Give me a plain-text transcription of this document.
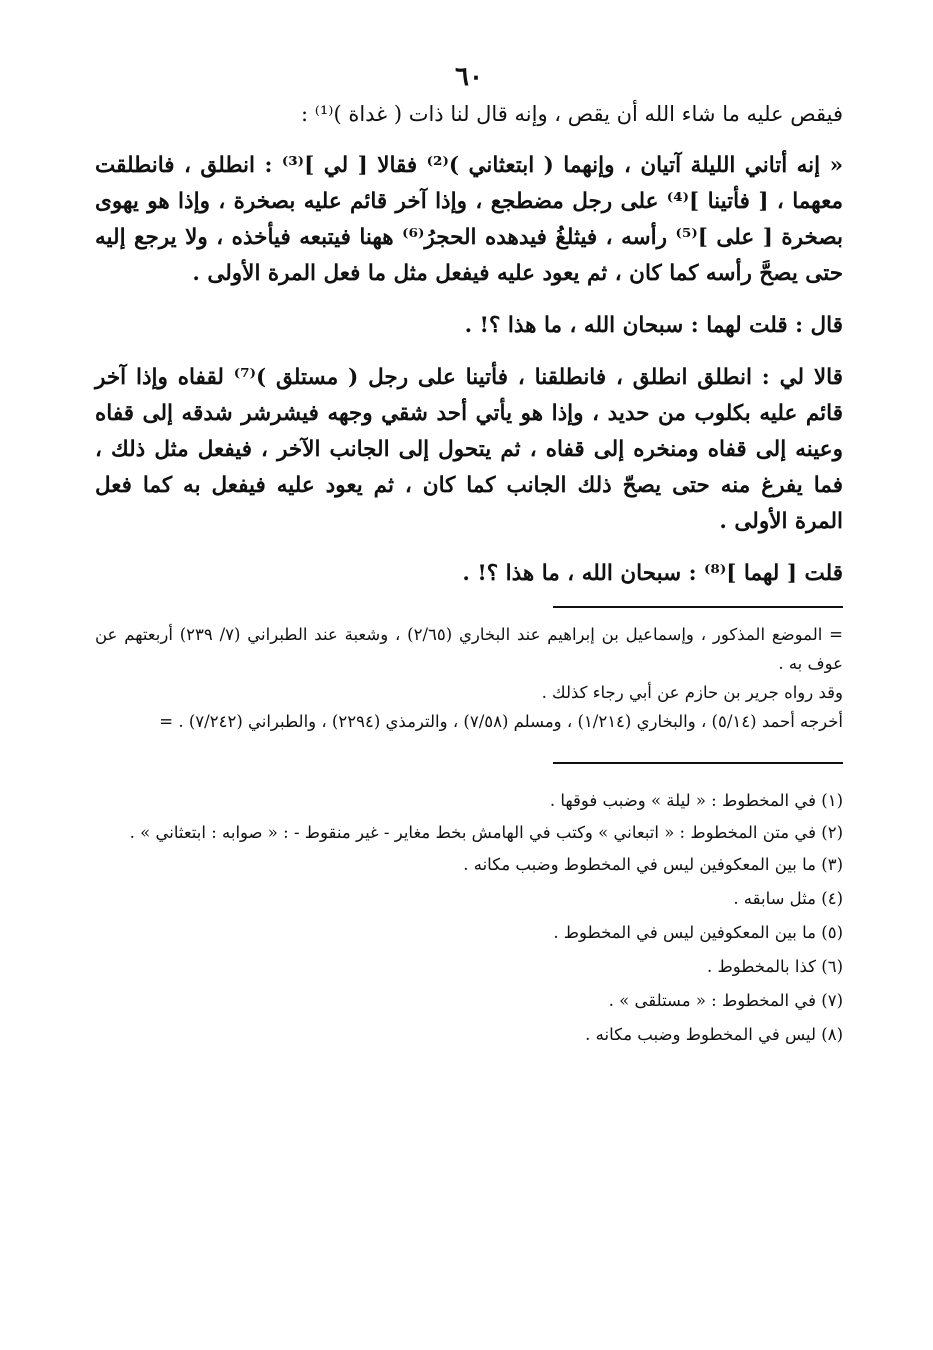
٦٠

فيقص عليه ما شاء الله أن يقص ، وإنه قال لنا ذات ( غداة )⁽¹⁾ :

« إنه أتاني الليلة آتيان ، وإنهما ( ابتعثاني )⁽²⁾ فقالا [ لي ]⁽³⁾ : انطلق ، فانطلقت معهما ، [ فأتينا ]⁽⁴⁾ على رجل مضطجع ، وإذا آخر قائم عليه بصخرة ، وإذا هو يهوى بصخرة [ على ]⁽⁵⁾ رأسه ، فيثلغُ فيدهده الحجرُ⁽⁶⁾ ههنا فيتبعه فيأخذه ، ولا يرجع إليه حتى يصحَّ رأسه كما كان ، ثم يعود عليه فيفعل مثل ما فعل المرة الأولى .

قال : قلت لهما : سبحان الله ، ما هذا ؟! .

قالا لي : انطلق انطلق ، فانطلقنا ، فأتينا على رجل ( مستلق )⁽⁷⁾ لقفاه وإذا آخر قائم عليه بكلوب من حديد ، وإذا هو يأتي أحد شقي وجهه فيشرشر شدقه إلى قفاه وعينه إلى قفاه ومنخره إلى قفاه ، ثم يتحول إلى الجانب الآخر ، فيفعل مثل ذلك ، فما يفرغ منه حتى يصحّ ذلك الجانب كما كان ، ثم يعود عليه فيفعل به كما فعل المرة الأولى .

قلت [ لهما ]⁽⁸⁾ : سبحان الله ، ما هذا ؟! .

= الموضع المذكور ، وإسماعيل بن إبراهيم عند البخاري (٢/٦٥) ، وشعبة عند الطبراني (٧/ ٢٣٩) أربعتهم عن عوف به .

وقد رواه جرير بن حازم عن أبي رجاء كذلك .

أخرجه أحمد (٥/١٤) ، والبخاري (١/٢١٤) ، ومسلم (٧/٥٨) ، والترمذي (٢٢٩٤) ، والطبراني (٧/٢٤٢) . =

(١) في المخطوط : « ليلة » وضبب فوقها .
(٢) في متن المخطوط : « اتبعاني » وكتب في الهامش بخط مغاير - غير منقوط - : « صوابه : ابتعثاني » .
(٣) ما بين المعكوفين ليس في المخطوط وضبب مكانه .
(٤) مثل سابقه .
(٥) ما بين المعكوفين ليس في المخطوط .
(٦) كذا بالمخطوط .
(٧) في المخطوط : « مستلقى » .
(٨) ليس في المخطوط وضبب مكانه .
